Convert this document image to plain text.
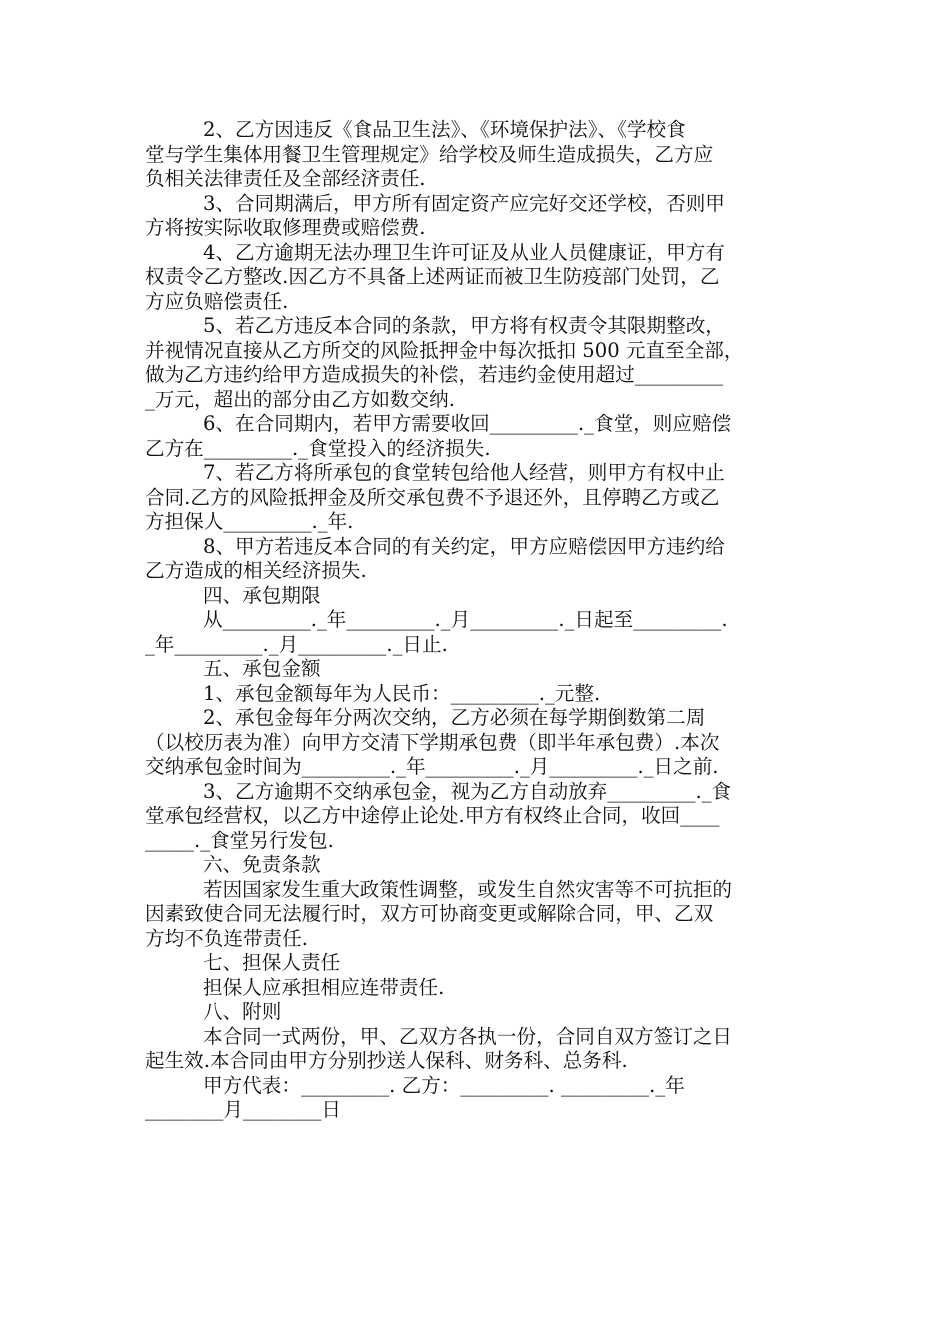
2、乙方因违反《食品卫生法》、《环境保护法》、《学校食
堂与学生集体用餐卫生管理规定》给学校及师生造成损失，乙方应
负相关法律责任及全部经济责任.
3、合同期满后，甲方所有固定资产应完好交还学校，否则甲
方将按实际收取修理费或赔偿费.
4、乙方逾期无法办理卫生许可证及从业人员健康证，甲方有
权责令乙方整改.因乙方不具备上述两证而被卫生防疫部门处罚，乙
方应负赔偿责任.
5、若乙方违反本合同的条款，甲方将有权责令其限期整改，
并视情况直接从乙方所交的风险抵押金中每次抵扣 500 元直至全部，
做为乙方违约给甲方造成损失的补偿，若违约金使用超过_________
_万元，超出的部分由乙方如数交纳.
6、在合同期内，若甲方需要收回_________._食堂，则应赔偿
乙方在_________._食堂投入的经济损失.
7、若乙方将所承包的食堂转包给他人经营，则甲方有权中止
合同.乙方的风险抵押金及所交承包费不予退还外，且停聘乙方或乙
方担保人_________._年.
8、甲方若违反本合同的有关约定，甲方应赔偿因甲方违约给
乙方造成的相关经济损失.
四、承包期限
从_________._年_________._月_________._日起至_________.
_年_________._月_________._日止.
五、承包金额
1、承包金额每年为人民币：_________._元整.
2、承包金每年分两次交纳，乙方必须在每学期倒数第二周
（以校历表为准）向甲方交清下学期承包费（即半年承包费）.本次
交纳承包金时间为_________._年_________._月_________._日之前.
3、乙方逾期不交纳承包金，视为乙方自动放弃_________._食
堂承包经营权，以乙方中途停止论处.甲方有权终止合同，收回____
_____._食堂另行发包.
六、免责条款
若因国家发生重大政策性调整，或发生自然灾害等不可抗拒的
因素致使合同无法履行时，双方可协商变更或解除合同，甲、乙双
方均不负连带责任.
七、担保人责任
担保人应承担相应连带责任.
八、附则
本合同一式两份，甲、乙双方各执一份，合同自双方签订之日
起生效.本合同由甲方分别抄送人保科、财务科、总务科.
甲方代表：_________. 乙方：_________. _________._年
________月________日
